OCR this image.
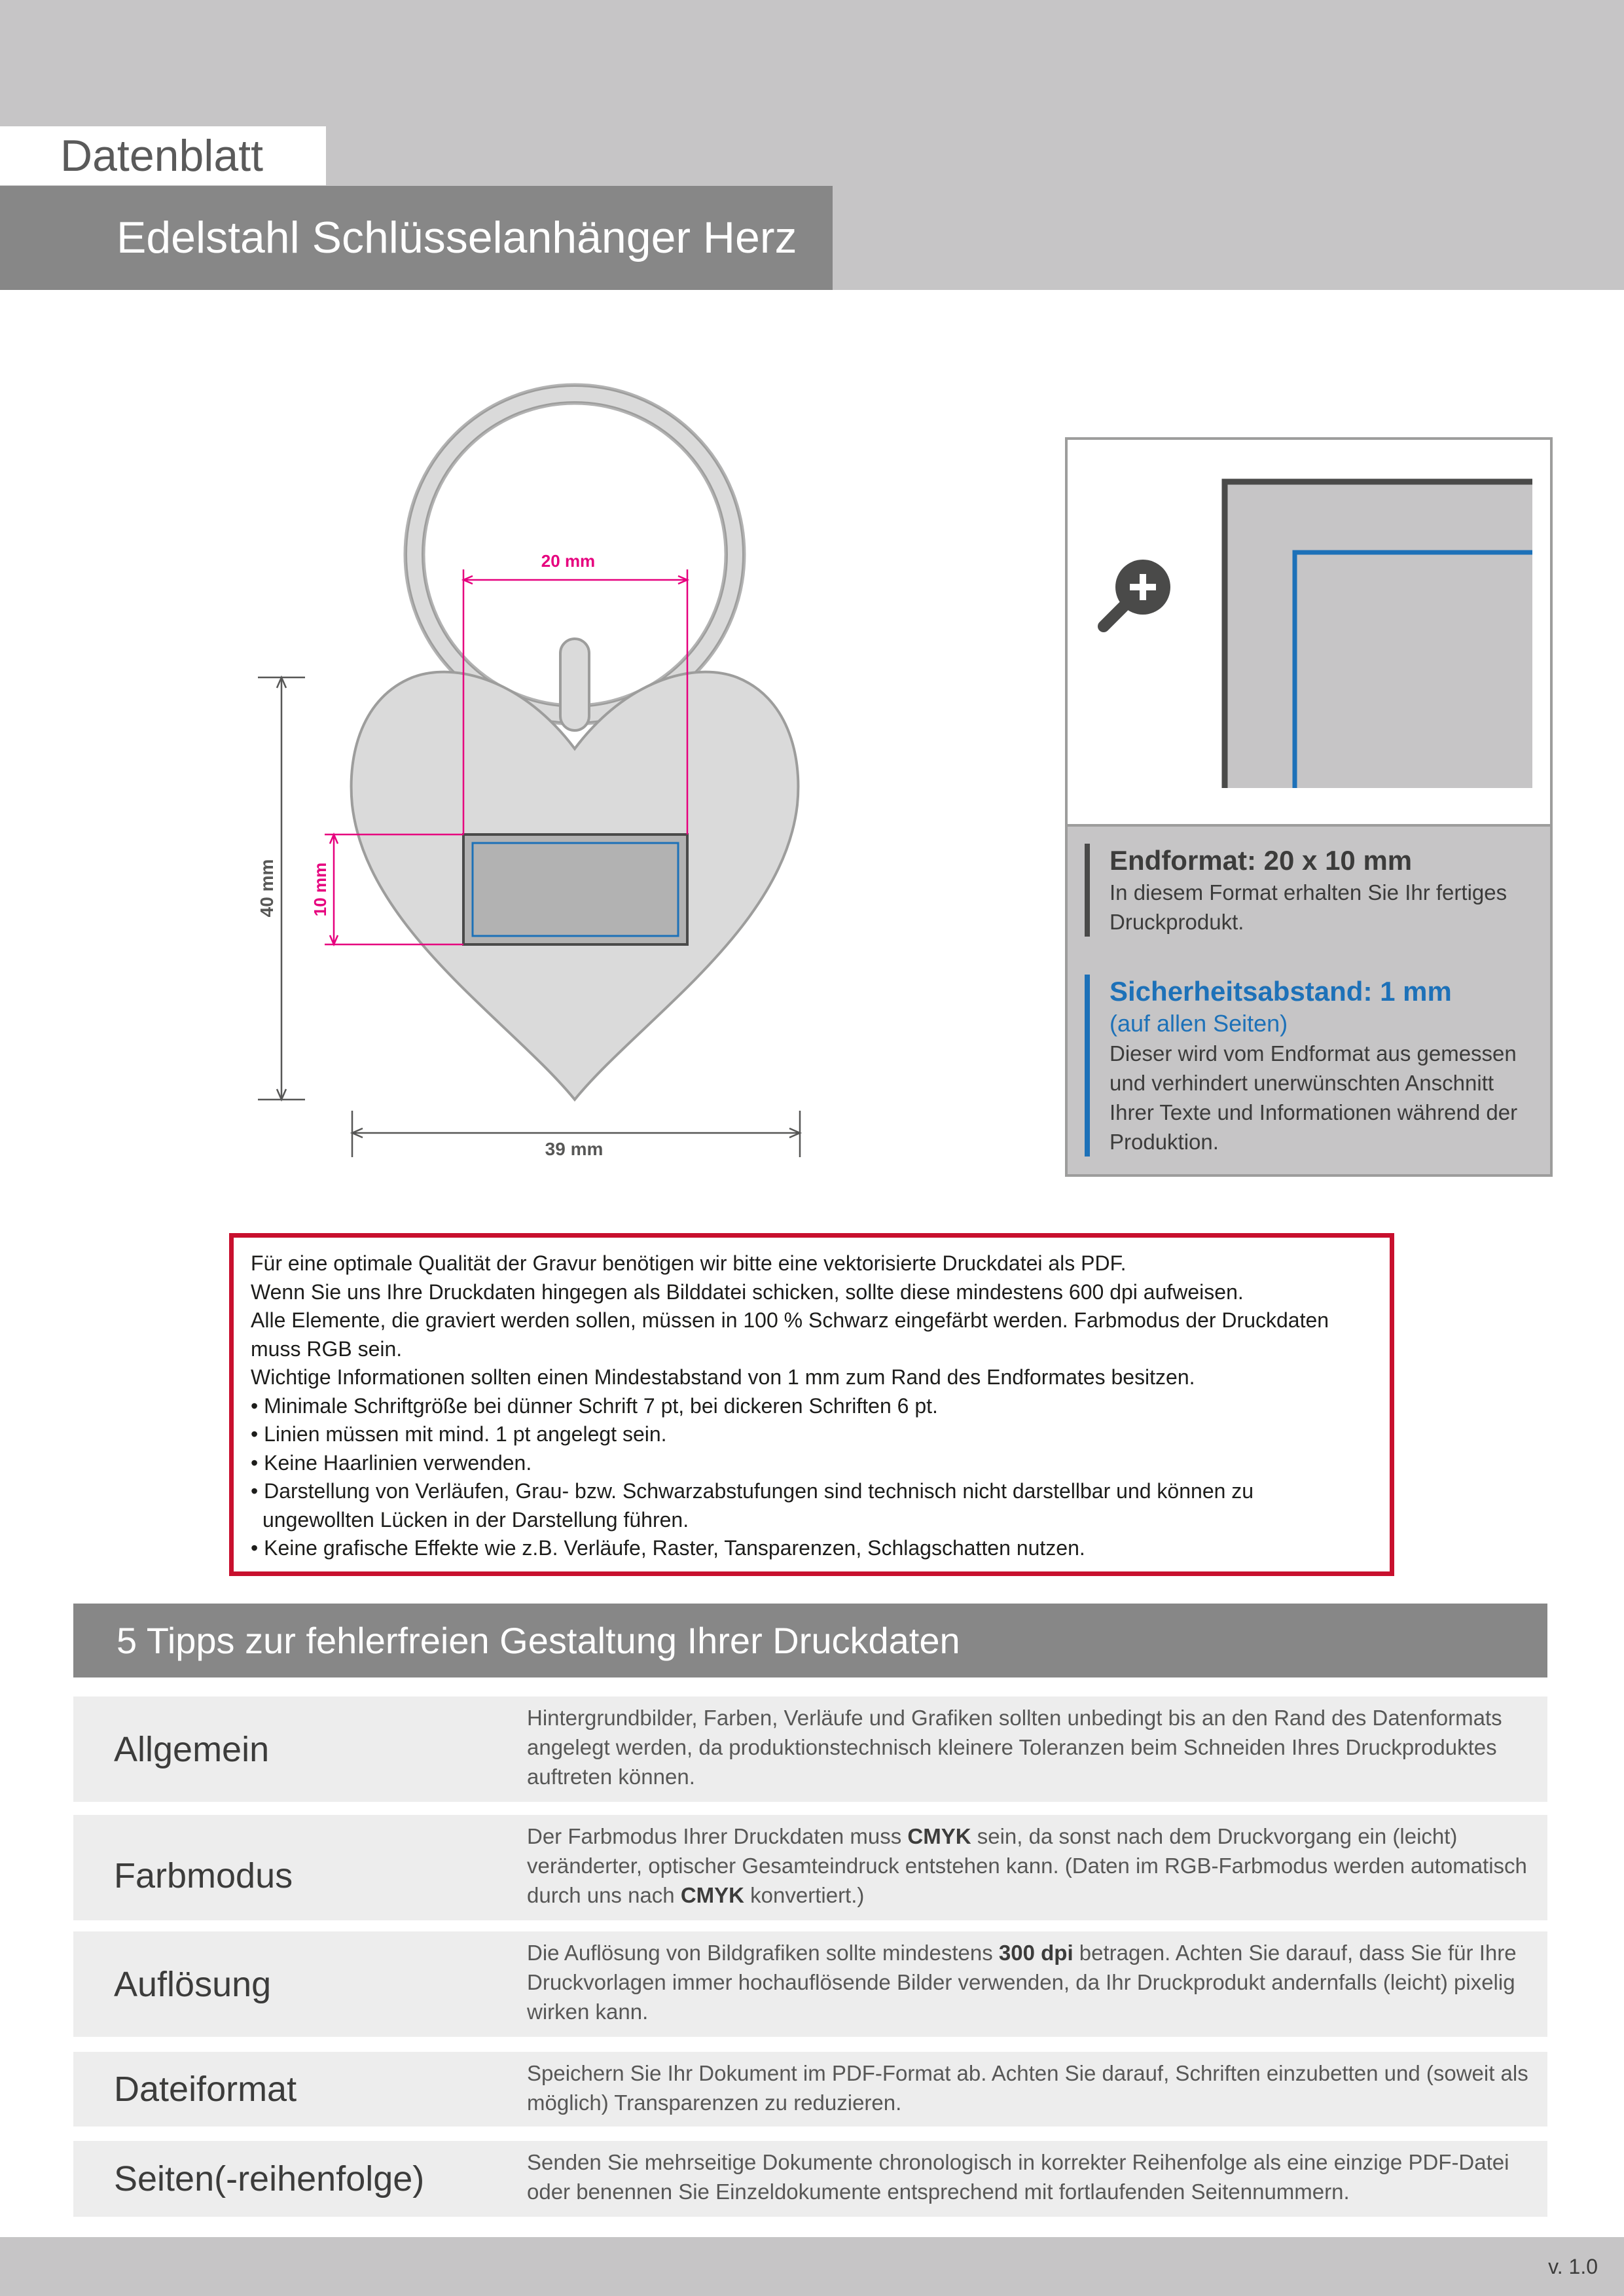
Datenblatt
Edelstahl Schlüsselanhänger Herz
20 mm
10 mm
40 mm
39 mm
Endformat: 20 x 10 mm
In diesem Format erhalten Sie Ihr fertiges Druckprodukt.
Sicherheitsabstand: 1 mm
(auf allen Seiten)
Dieser wird vom Endformat aus gemessen und verhindert unerwünschten Anschnitt Ihrer Texte und Informationen während der Produktion.

Für eine optimale Qualität der Gravur benötigen wir bitte eine vektorisierte Druckdatei als PDF.

Wenn Sie uns Ihre Druckdaten hingegen als Bilddatei schicken, sollte diese mindestens 600 dpi aufweisen.

Alle Elemente, die graviert werden sollen, müssen in 100 % Schwarz eingefärbt werden. Farbmodus der Druckdaten

muss RGB sein.

Wichtige Informationen sollten einen Mindestabstand von 1 mm zum Rand des Endformates besitzen.

• Minimale Schriftgröße bei dünner Schrift 7 pt, bei dickeren Schriften 6 pt.

• Linien müssen mit mind. 1 pt angelegt sein.

• Keine Haarlinien verwenden.

• Darstellung von Verläufen, Grau- bzw. Schwarzabstufungen sind technisch nicht darstellbar und können zu

ungewollten Lücken in der Darstellung führen.

• Keine grafische Effekte wie z.B. Verläufe, Raster, Tansparenzen, Schlagschatten nutzen.

5 Tipps zur fehlerfreien Gestaltung Ihrer Druckdaten
Allgemein
Hintergrundbilder, Farben, Verläufe und Grafiken sollten unbedingt bis an den Rand des Datenformats angelegt werden, da produktionstechnisch kleinere Toleranzen beim Schneiden Ihres Druckproduktes auftreten können.
Farbmodus
Der Farbmodus Ihrer Druckdaten muss CMYK sein, da sonst nach dem Druckvorgang ein (leicht) veränderter, optischer Gesamteindruck entstehen kann. (Daten im RGB-Farbmodus werden automatisch durch uns nach CMYK konvertiert.)
Auflösung
Die Auflösung von Bildgrafiken sollte mindestens 300 dpi betragen. Achten Sie darauf, dass Sie für Ihre Druckvorlagen immer hochauflösende Bilder verwenden, da Ihr Druckprodukt andernfalls (leicht) pixelig wirken kann.
Dateiformat	Speichern Sie Ihr Dokument im PDF-Format ab. Achten Sie darauf, Schriften einzubetten und (soweit als möglich) Transparenzen zu reduzieren.
Seiten(-reihenfolge)	Senden Sie mehrseitige Dokumente chronologisch in korrekter Reihenfolge als eine einzige PDF-Datei oder benennen Sie Einzeldokumente entsprechend mit fortlaufenden Seitennummern.
v. 1.0
